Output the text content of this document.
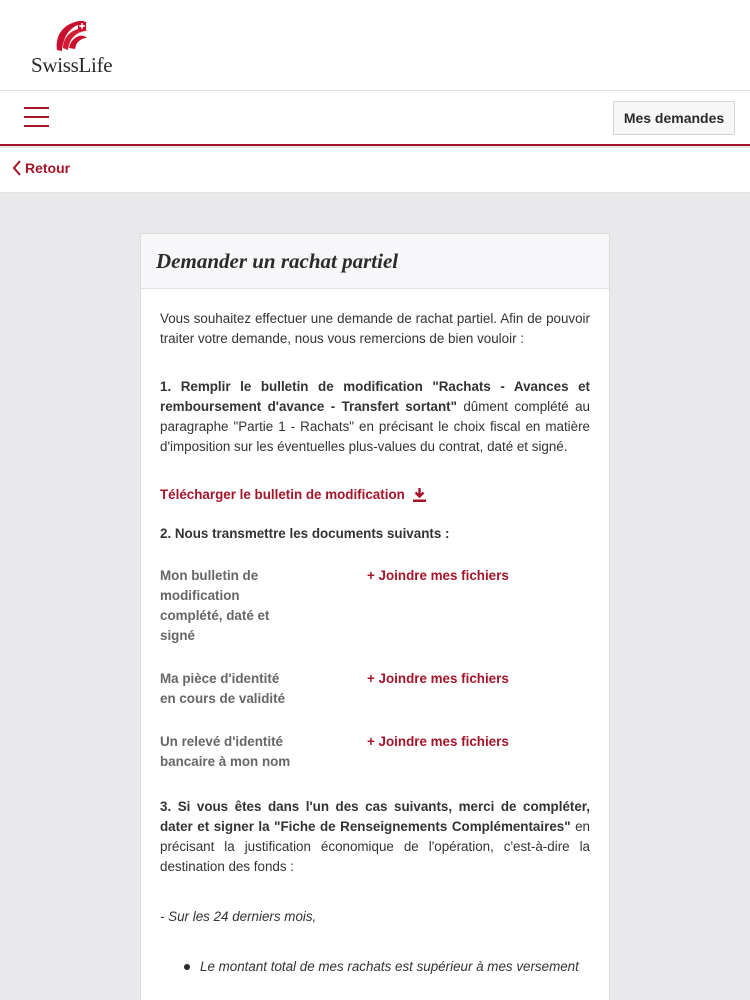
SwissLife
Mes demandes
Retour
Demander un rachat partiel

Vous souhaitez effectuer une demande de rachat partiel. Afin de pouvoir traiter votre demande, nous vous remercions de bien vouloir :

1. Remplir le bulletin de modification "Rachats - Avances et remboursement d'avance - Transfert sortant" dûment complété au paragraphe "Partie 1 - Rachats" en précisant le choix fiscal en matière d'imposition sur les éventuelles plus-values du contrat, daté et signé.

Télécharger le bulletin de modification

2. Nous transmettre les documents suivants :

Mon bulletin de modification complété, daté et signé
+ Joindre mes fichiers
Ma pièce d'identité en cours de validité
+ Joindre mes fichiers
Un relevé d'identité bancaire à mon nom
+ Joindre mes fichiers

3. Si vous êtes dans l'un des cas suivants, merci de compléter, dater et signer la "Fiche de Renseignements Complémentaires" en précisant la justification économique de l'opération, c'est-à-dire la destination des fonds :

- Sur les 24 derniers mois,

Le montant total de mes rachats est supérieur à mes versement
